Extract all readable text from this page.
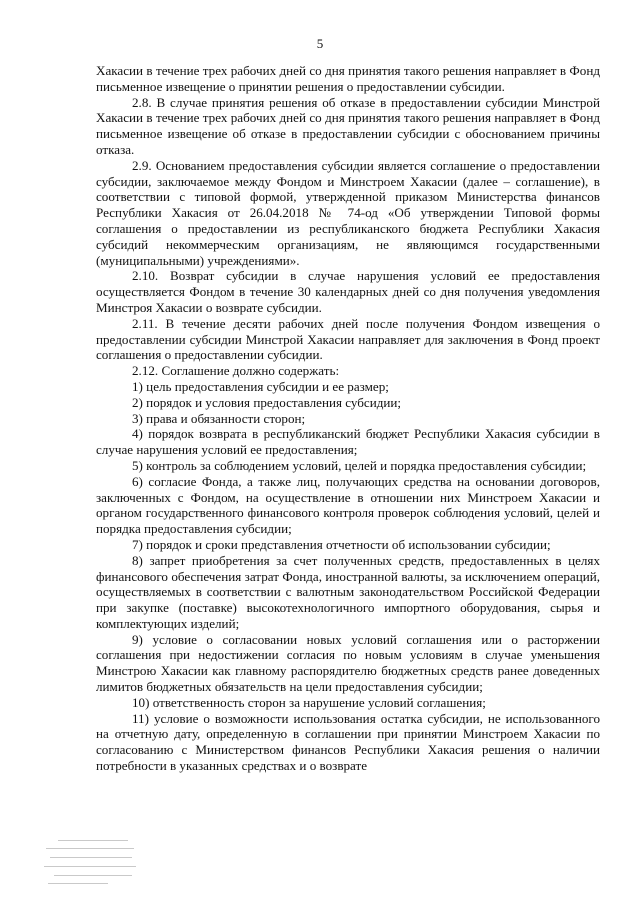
5

Хакасии в течение трех рабочих дней со дня принятия такого решения направляет в Фонд письменное извещение о принятии решения о предоставлении субсидии.

2.8. В случае принятия решения об отказе в предоставлении субсидии Минстрой Хакасии в течение трех рабочих дней со дня принятия такого решения направляет в Фонд письменное извещение об отказе в предоставлении субсидии с обоснованием причины отказа.

2.9. Основанием предоставления субсидии является соглашение о предоставлении субсидии, заключаемое между Фондом и Минстроем Хакасии (далее – соглашение), в соответствии с типовой формой, утвержденной приказом Министерства финансов Республики Хакасия от 26.04.2018 № 74-од «Об утверждении Типовой формы соглашения о предоставлении из республиканского бюджета Республики Хакасия субсидий некоммерческим организациям, не являющимся государственными (муниципальными) учреждениями».

2.10. Возврат субсидии в случае нарушения условий ее предоставления осуществляется Фондом в течение 30 календарных дней со дня получения уведомления Минстроя Хакасии о возврате субсидии.

2.11. В течение десяти рабочих дней после получения Фондом извещения о предоставлении субсидии Минстрой Хакасии направляет для заключения в Фонд проект соглашения о предоставлении субсидии.

2.12. Соглашение должно содержать:

1) цель предоставления субсидии и ее размер;

2) порядок и условия предоставления субсидии;

3) права и обязанности сторон;

4) порядок возврата в республиканский бюджет Республики Хакасия субсидии в случае нарушения условий ее предоставления;

5) контроль за соблюдением условий, целей и порядка предоставления субсидии;

6) согласие Фонда, а также лиц, получающих средства на основании договоров, заключенных с Фондом, на осуществление в отношении них Минстроем Хакасии и органом государственного финансового контроля проверок соблюдения условий, целей и порядка предоставления субсидии;

7) порядок и сроки представления отчетности об использовании субсидии;

8) запрет приобретения за счет полученных средств, предоставленных в целях финансового обеспечения затрат Фонда, иностранной валюты, за исключением операций, осуществляемых в соответствии с валютным законодательством Российской Федерации при закупке (поставке) высокотехнологичного импортного оборудования, сырья и комплектующих изделий;

9) условие о согласовании новых условий соглашения или о расторжении соглашения при недостижении согласия по новым условиям в случае уменьшения Минстрою Хакасии как главному распорядителю бюджетных средств ранее доведенных лимитов бюджетных обязательств на цели предоставления субсидии;

10) ответственность сторон за нарушение условий соглашения;

11) условие о возможности использования остатка субсидии, не использованного на отчетную дату, определенную в соглашении при принятии Минстроем Хакасии по согласованию с Министерством финансов Республики Хакасия решения о наличии потребности в указанных средствах и о возврате
